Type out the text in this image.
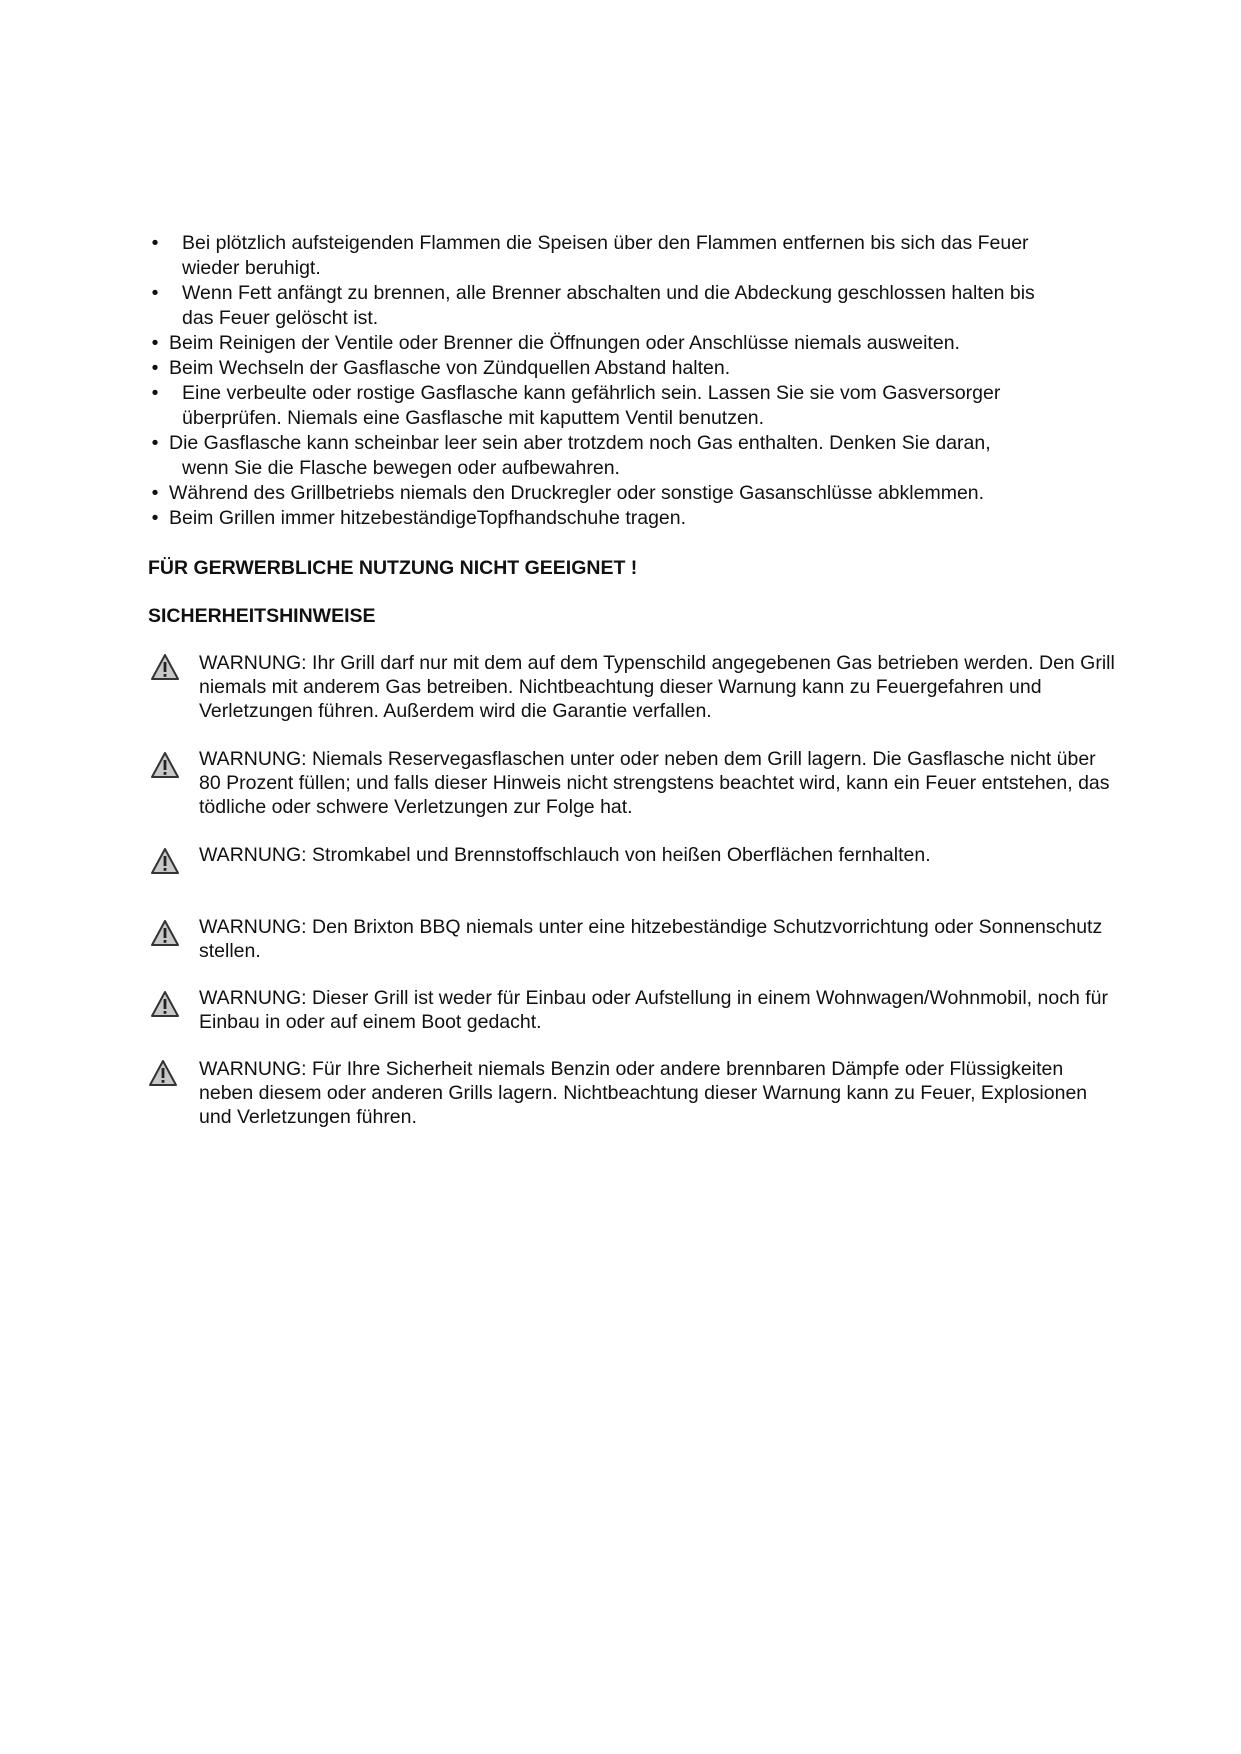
•	Bei plötzlich aufsteigenden Flammen die Speisen über den Flammen entfernen bis sich das Feuer wieder beruhigt.
•	Wenn Fett anfängt zu brennen, alle Brenner abschalten und die Abdeckung geschlossen halten bis das Feuer gelöscht ist.
• Beim Reinigen der Ventile oder Brenner die Öffnungen oder Anschlüsse niemals ausweiten.
• Beim Wechseln der Gasflasche von Zündquellen Abstand halten.
•	Eine verbeulte oder rostige Gasflasche kann gefährlich sein. Lassen Sie sie vom Gasversorger überprüfen. Niemals eine Gasflasche mit kaputtem Ventil benutzen.
• Die Gasflasche kann scheinbar leer sein aber trotzdem noch Gas enthalten. Denken Sie daran,
wenn Sie die Flasche bewegen oder aufbewahren.
• Während des Grillbetriebs niemals den Druckregler oder sonstige Gasanschlüsse abklemmen.
• Beim Grillen immer hitzebeständigeTopfhandschuhe tragen.
FÜR GERWERBLICHE NUTZUNG NICHT GEEIGNET !
SICHERHEITSHINWEISE

WARNUNG: Ihr Grill darf nur mit dem auf dem Typenschild angegebenen Gas betrieben werden. Den Grill niemals mit anderem Gas betreiben. Nichtbeachtung dieser Warnung kann zu Feuergefahren und Verletzungen führen. Außerdem wird die Garantie verfallen.

WARNUNG: Niemals Reservegasflaschen unter oder neben dem Grill lagern. Die Gasflasche nicht über 80 Prozent füllen; und falls dieser Hinweis nicht strengstens beachtet wird, kann ein Feuer entstehen, das tödliche oder schwere Verletzungen zur Folge hat.

WARNUNG: Stromkabel und Brennstoffschlauch von heißen Oberflächen fernhalten.

WARNUNG: Den Brixton BBQ niemals unter eine hitzebeständige Schutzvorrichtung oder Sonnenschutz stellen.

WARNUNG: Dieser Grill ist weder für Einbau oder Aufstellung in einem Wohnwagen/Wohnmobil, noch für Einbau in oder auf einem Boot gedacht.

WARNUNG: Für Ihre Sicherheit niemals Benzin oder andere brennbaren Dämpfe oder Flüssigkeiten neben diesem oder anderen Grills lagern. Nichtbeachtung dieser Warnung kann zu Feuer, Explosionen und Verletzungen führen.
